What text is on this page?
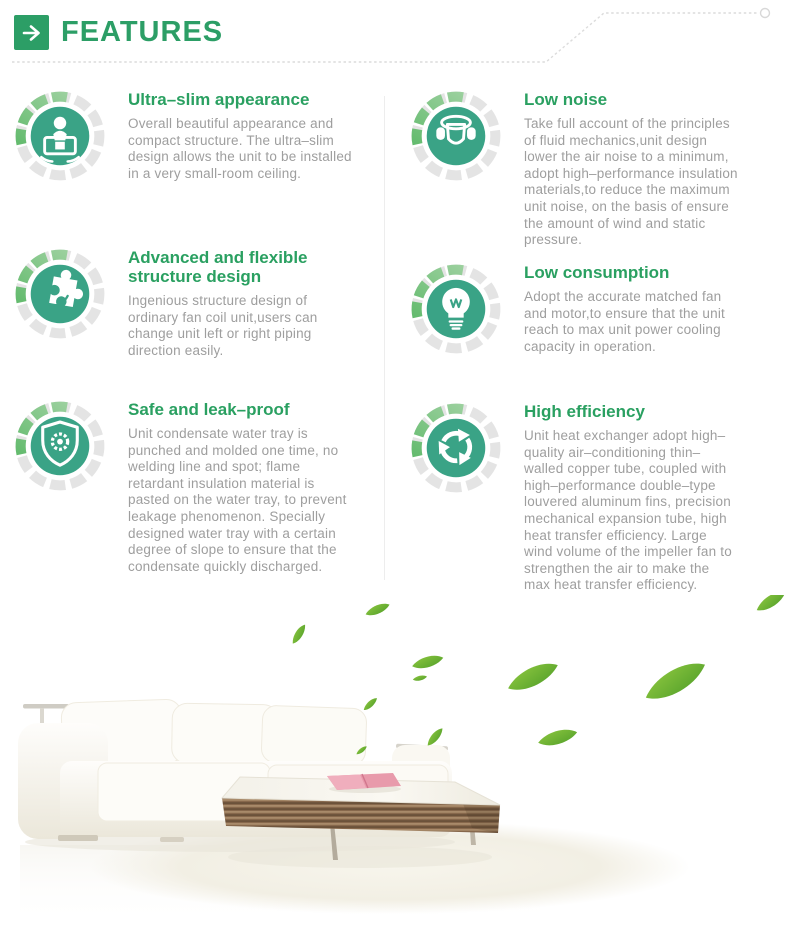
FEATURES
Ultra–slim appearance

Overall beautiful appearance and compact structure. The ultra–slim design allows the unit to be installed in a very small-room ceiling.

Advanced and flexible structure design

Ingenious structure design of ordinary fan coil unit,users can change unit left or right piping direction easily.

Safe and leak–proof

Unit condensate water tray is punched and molded one time, no welding line and spot; flame retardant insulation material is pasted on the water tray, to prevent leakage phenomenon. Specially designed water tray with a certain degree of slope to ensure that the condensate quickly discharged.

Low noise

Take full account of the principles of fluid mechanics,unit design lower the air noise to a minimum, adopt high–performance insulation materials,to reduce the maximum unit noise, on the basis of ensure the amount of wind and static pressure.

Low consumption

Adopt the accurate matched fan and motor,to ensure that the unit reach to max unit power cooling capacity in operation.

High efficiency

Unit heat exchanger adopt high–quality air–conditioning thin–walled copper tube, coupled with high–performance double–type louvered aluminum fins, precision mechanical expansion tube, high heat transfer efficiency. Large wind volume of the impeller fan to strengthen the air to make the max heat transfer efficiency.
